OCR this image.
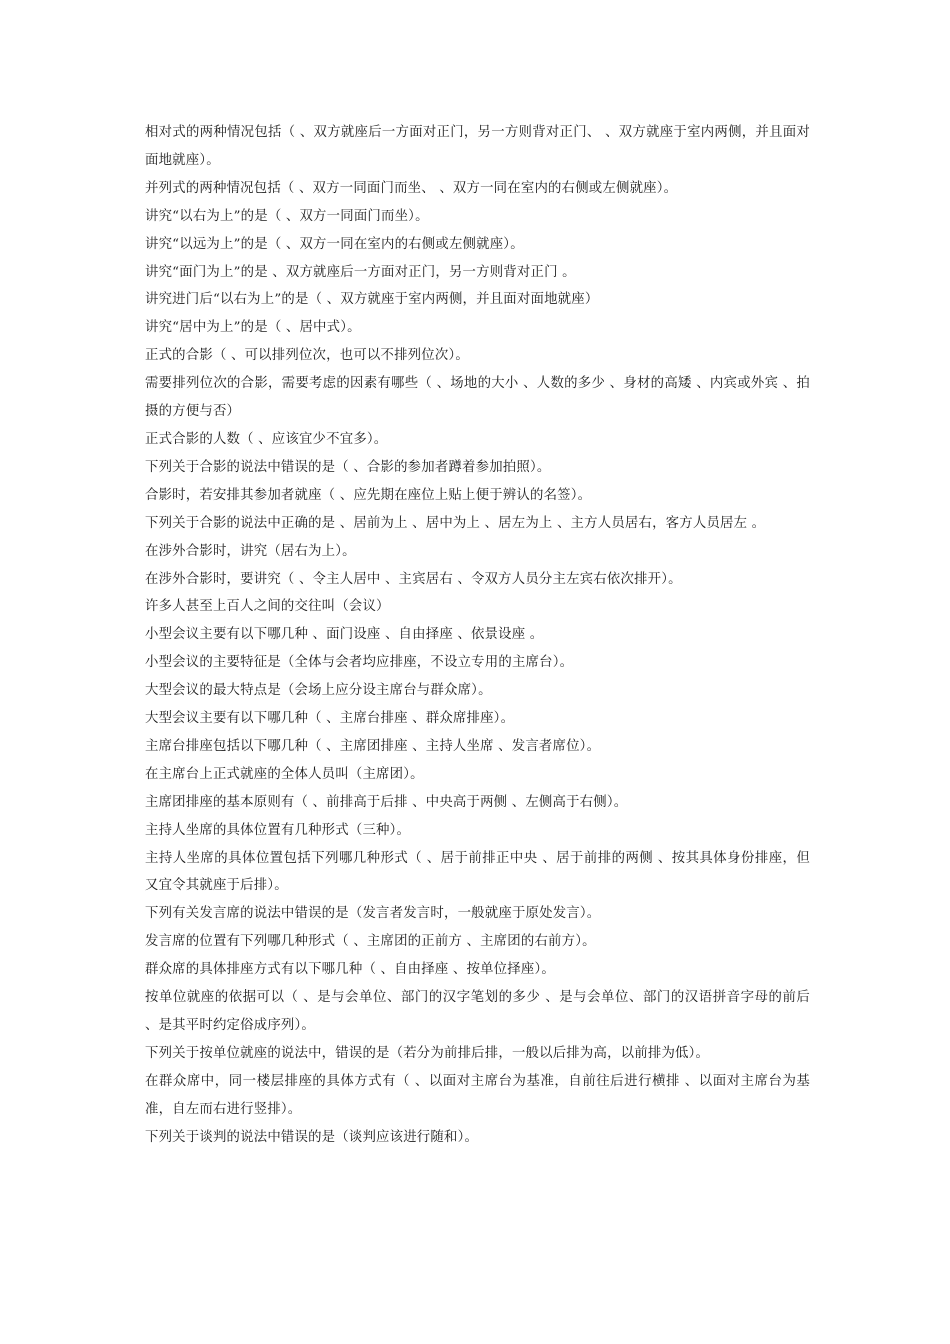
相对式的两种情况包括（ 、双方就座后一方面对正门，另一方则背对正门、 、双方就座于室内两侧，并且面对面地就座）。

并列式的两种情况包括（ 、双方一同面门而坐、 、双方一同在室内的右侧或左侧就座）。

讲究“以右为上”的是（ 、双方一同面门而坐）。

讲究“以远为上”的是（ 、双方一同在室内的右侧或左侧就座）。

讲究“面门为上”的是 、双方就座后一方面对正门，另一方则背对正门 。

讲究进门后“以右为上”的是（ 、双方就座于室内两侧，并且面对面地就座）

讲究“居中为上”的是（ 、居中式）。

正式的合影（ 、可以排列位次，也可以不排列位次）。

需要排列位次的合影，需要考虑的因素有哪些（ 、场地的大小 、人数的多少 、身材的高矮 、内宾或外宾 、拍摄的方便与否）

正式合影的人数（ 、应该宜少不宜多）。

下列关于合影的说法中错误的是（ 、合影的参加者蹲着参加拍照）。

合影时，若安排其参加者就座（ 、应先期在座位上贴上便于辨认的名签）。

下列关于合影的说法中正确的是 、居前为上 、居中为上 、居左为上 、主方人员居右，客方人员居左 。

在涉外合影时，讲究（居右为上）。

在涉外合影时，要讲究（ 、令主人居中 、主宾居右 、令双方人员分主左宾右依次排开）。

许多人甚至上百人之间的交往叫（会议）

小型会议主要有以下哪几种 、面门设座 、自由择座 、依景设座 。

小型会议的主要特征是（全体与会者均应排座，不设立专用的主席台）。

大型会议的最大特点是（会场上应分设主席台与群众席）。

大型会议主要有以下哪几种（ 、主席台排座 、群众席排座）。

主席台排座包括以下哪几种（ 、主席团排座 、主持人坐席 、发言者席位）。

在主席台上正式就座的全体人员叫（主席团）。

主席团排座的基本原则有（ 、前排高于后排 、中央高于两侧 、左侧高于右侧）。

主持人坐席的具体位置有几种形式（三种）。

主持人坐席的具体位置包括下列哪几种形式（ 、居于前排正中央 、居于前排的两侧 、按其具体身份排座，但又宜令其就座于后排）。

下列有关发言席的说法中错误的是（发言者发言时，一般就座于原处发言）。

发言席的位置有下列哪几种形式（ 、主席团的正前方 、主席团的右前方）。

群众席的具体排座方式有以下哪几种（ 、自由择座 、按单位择座）。

按单位就座的依据可以（ 、是与会单位、部门的汉字笔划的多少 、是与会单位、部门的汉语拼音字母的前后 、是其平时约定俗成序列）。

下列关于按单位就座的说法中，错误的是（若分为前排后排，一般以后排为高，以前排为低）。

在群众席中，同一楼层排座的具体方式有（ 、以面对主席台为基准，自前往后进行横排 、以面对主席台为基准，自左而右进行竖排）。

下列关于谈判的说法中错误的是（谈判应该进行随和）。
